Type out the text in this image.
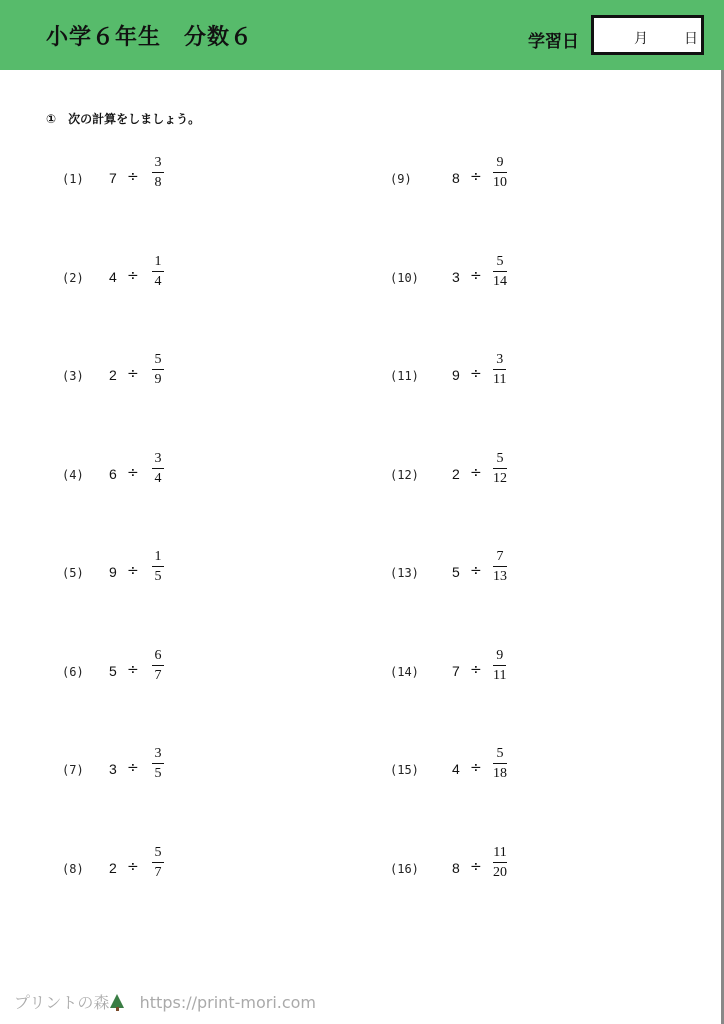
小学６年生　分数６	学習日	月	日
①　次の計算をしましょう。
(1) 7 ÷
3
8
(2) 4 ÷
1
4
(3) 2 ÷
5
9
(4) 6 ÷
3
4
(5) 9 ÷
1
5
(6) 5 ÷
6
7
(7) 3 ÷
3
5
(8) 2 ÷
5
7
(9)	8 ÷
9
10
(10) 3 ÷
5
14
(11) 9 ÷
3
11
(12) 2 ÷
5
12
(13) 5 ÷
7
13
(14) 7 ÷
9
11
(15) 4 ÷
5
18
(16) 8 ÷
11
20
プリントの森 https://print-mori.com
